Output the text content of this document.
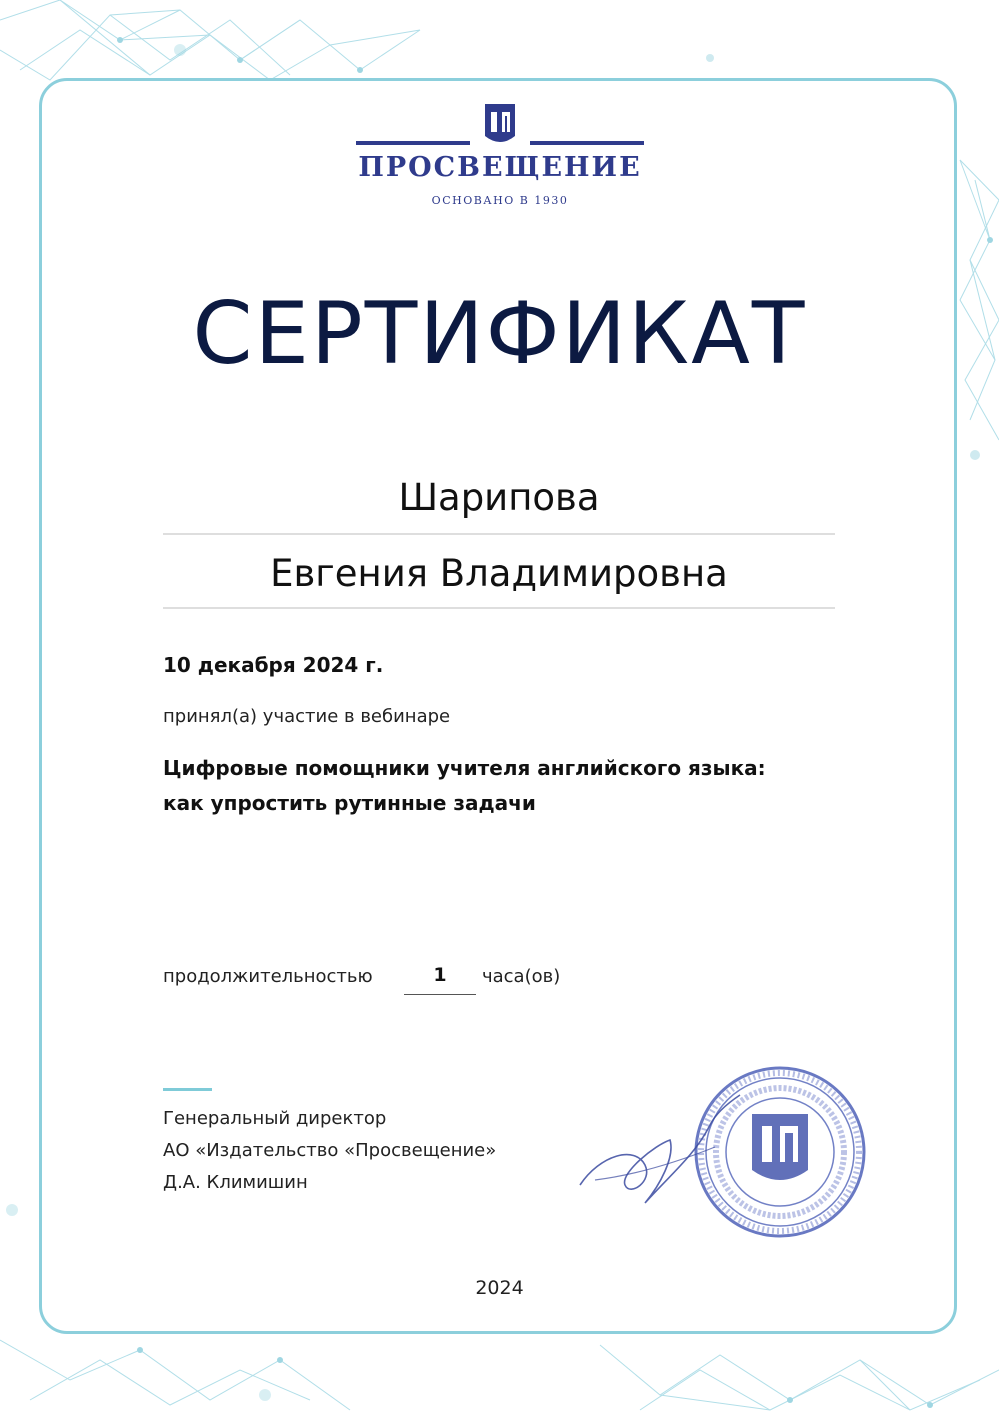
ПРОСВЕЩЕНИЕ
ОСНОВАНО В 1930
СЕРТИФИКАТ
Шарипова
Евгения Владимировна
10 декабря 2024 г.
принял(а) участие в вебинаре
Цифровые помощники учителя английского языка:
как упростить рутинные задачи
продолжительностью	1	часа(ов)
Генеральный директор
АО «Издательство «Просвещение»
Д.А. Климишин
2024
